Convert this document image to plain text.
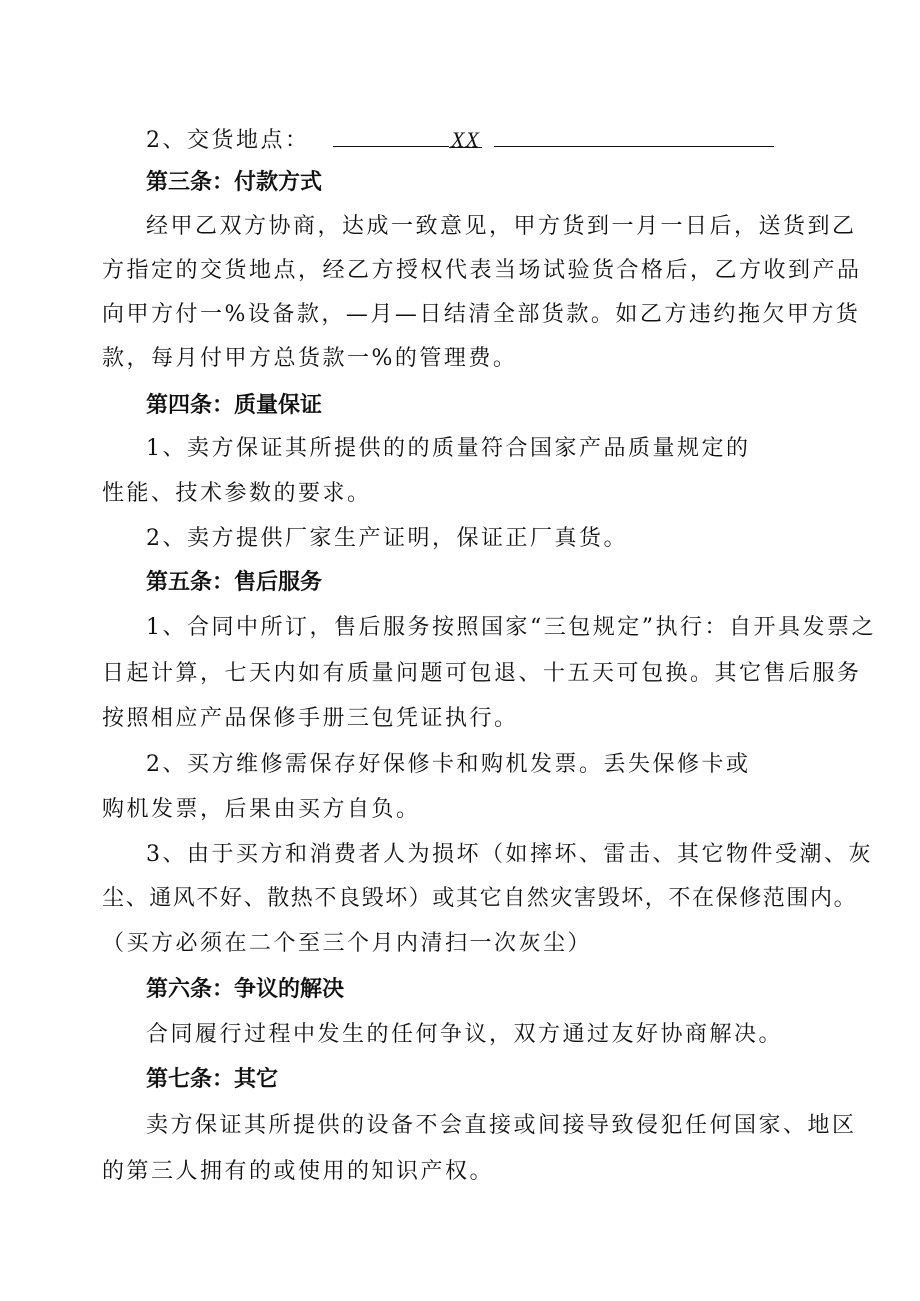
2、交货地点：	XX
第三条：付款方式
经甲乙双方协商，达成一致意见，甲方货到一月一日后，送货到乙
方指定的交货地点，经乙方授权代表当场试验货合格后，乙方收到产品
向甲方付一%设备款，—月—日结清全部货款。如乙方违约拖欠甲方货
款，每月付甲方总货款一%的管理费。
第四条：质量保证
1、卖方保证其所提供的的质量符合国家产品质量规定的
性能、技术参数的要求。
2、卖方提供厂家生产证明，保证正厂真货。
第五条：售后服务
1、合同中所订，售后服务按照国家“三包规定”执行：自开具发票之
日起计算，七天内如有质量问题可包退、十五天可包换。其它售后服务
按照相应产品保修手册三包凭证执行。
2、买方维修需保存好保修卡和购机发票。丢失保修卡或
购机发票，后果由买方自负。
3、由于买方和消费者人为损坏（如摔坏、雷击、其它物件受潮、灰
尘、通风不好、散热不良毁坏）或其它自然灾害毁坏，不在保修范围内。
（买方必须在二个至三个月内清扫一次灰尘）
第六条：争议的解决
合同履行过程中发生的任何争议，双方通过友好协商解决。
第七条：其它
卖方保证其所提供的设备不会直接或间接导致侵犯任何国家、地区
的第三人拥有的或使用的知识产权。
